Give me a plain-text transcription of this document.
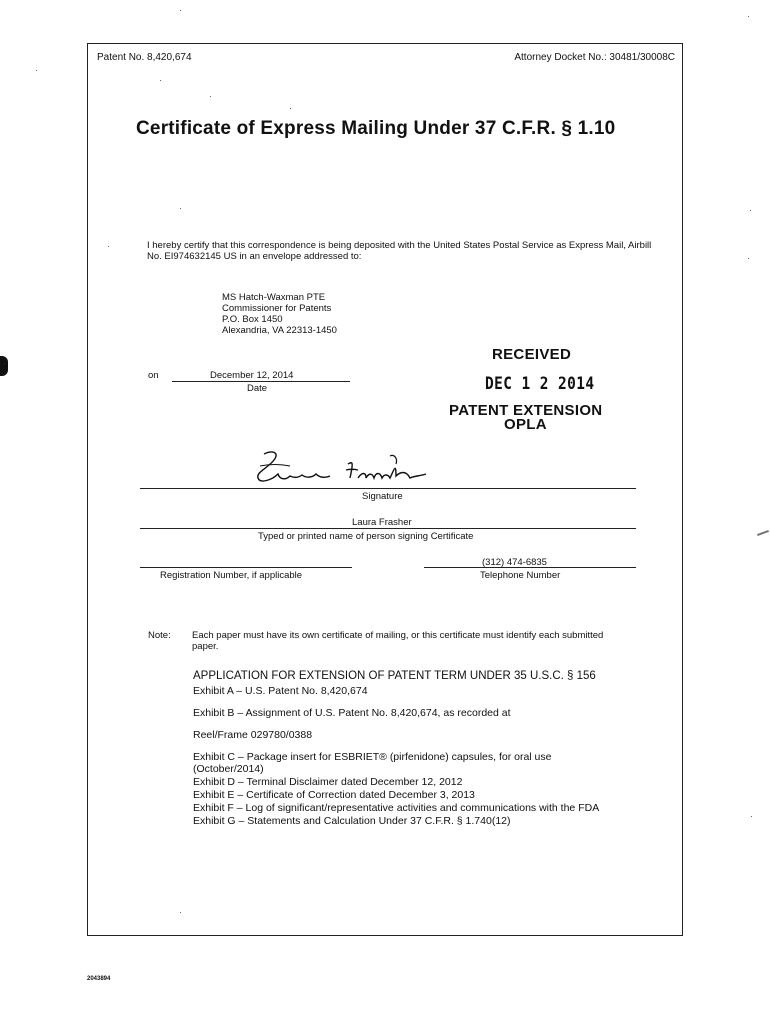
Patent No. 8,420,674	Attorney Docket No.: 30481/30008C
Certificate of Express Mailing Under 37 C.F.R. § 1.10
I hereby certify that this correspondence is being deposited with the United States Postal Service as Express Mail, Airbill No. EI974632145 US in an envelope addressed to:
MS Hatch-Waxman PTE
Commissioner for Patents
P.O. Box 1450
Alexandria, VA 22313-1450
on	December 12, 2014
Date
RECEIVED
DEC 1 2 2014
PATENT EXTENSION
OPLA
Signature
Laura Frasher
Typed or printed name of person signing Certificate
Registration Number, if applicable
(312) 474-6835
Telephone Number
Note: Each paper must have its own certificate of mailing, or this certificate must identify each submitted paper.
APPLICATION FOR EXTENSION OF PATENT TERM UNDER 35 U.S.C. § 156
Exhibit A – U.S. Patent No. 8,420,674
Exhibit B – Assignment of U.S. Patent No. 8,420,674, as recorded at
Reel/Frame 029780/0388
Exhibit C – Package insert for ESBRIET® (pirfenidone) capsules, for oral use (October/2014)
Exhibit D – Terminal Disclaimer dated December 12, 2012
Exhibit E – Certificate of Correction dated December 3, 2013
Exhibit F – Log of significant/representative activities and communications with the FDA
Exhibit G – Statements and Calculation Under 37 C.F.R. § 1.740(12)
2043894
